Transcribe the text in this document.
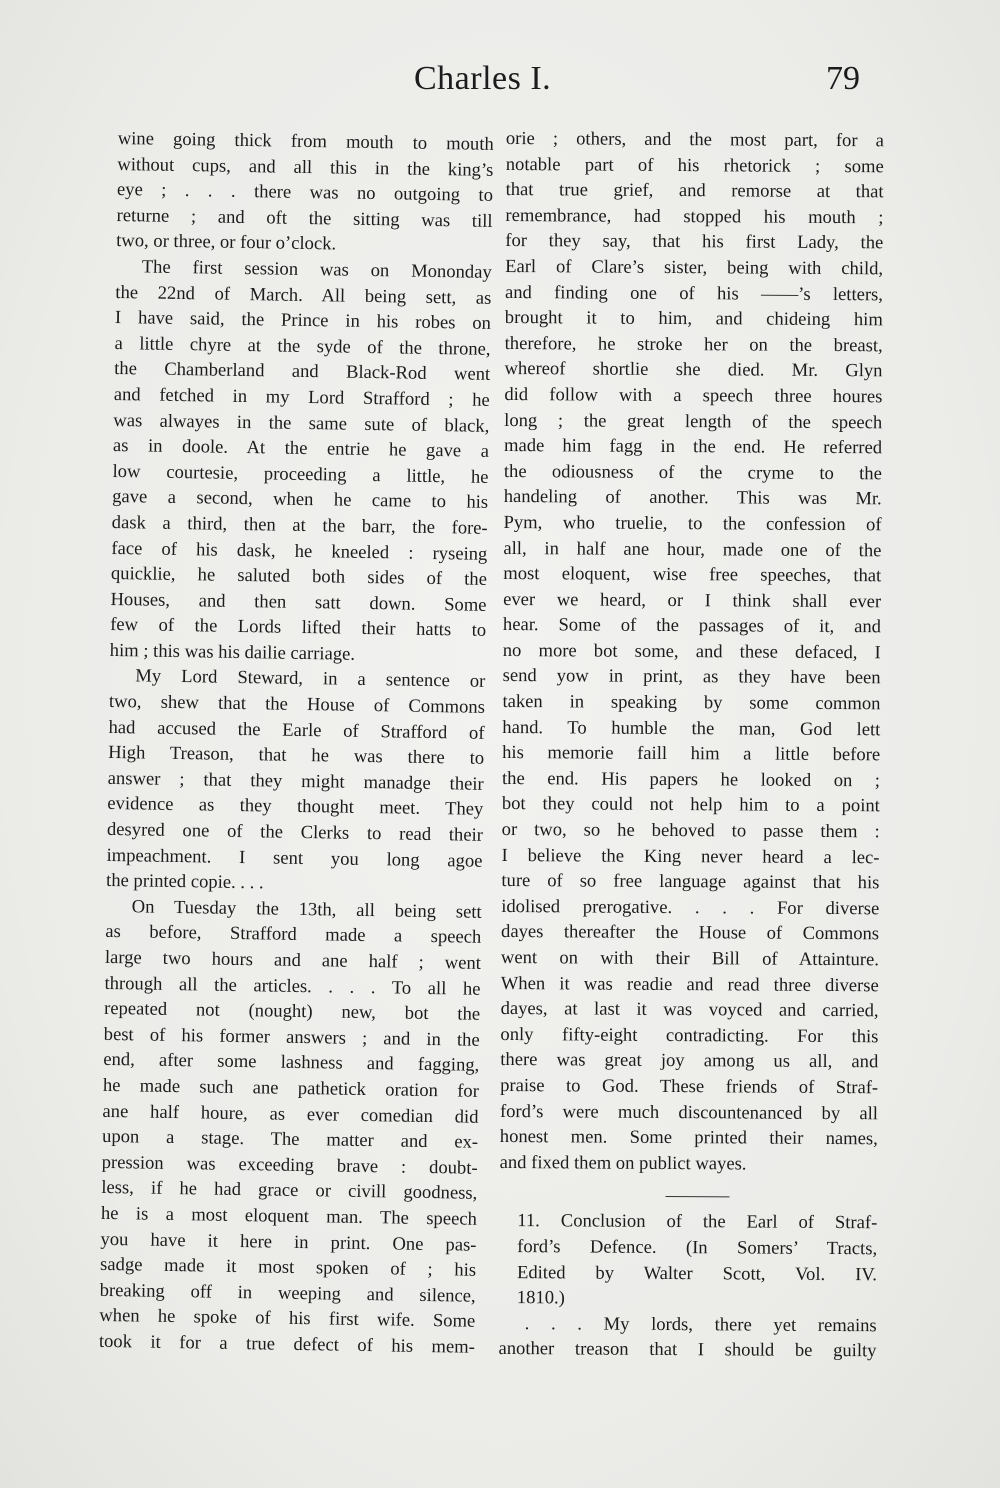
Charles I.	79
wine going thick from mouth to mouth
without cups, and all this in the king’s
eye ; . . . there was no outgoing to
returne ; and oft the sitting was till
two, or three, or four o’clock.
The first session was on Mononday
the 22nd of March. All being sett, as
I have said, the Prince in his robes on
a little chyre at the syde of the throne,
the Chamberland and Black-Rod went
and fetched in my Lord Strafford ; he
was alwayes in the same sute of black,
as in doole. At the entrie he gave a
low courtesie, proceeding a little, he
gave a second, when he came to his
dask a third, then at the barr, the fore-
face of his dask, he kneeled : ryseing
quicklie, he saluted both sides of the
Houses, and then satt down. Some
few of the Lords lifted their hatts to
him ; this was his dailie carriage.
My Lord Steward, in a sentence or
two, shew that the House of Commons
had accused the Earle of Strafford of
High Treason, that he was there to
answer ; that they might manadge their
evidence as they thought meet. They
desyred one of the Clerks to read their
impeachment. I sent you long agoe
the printed copie. . . .
On Tuesday the 13th, all being sett
as before, Strafford made a speech
large two hours and ane half ; went
through all the articles. . . . To all he
repeated not (nought) new, bot the
best of his former answers ; and in the
end, after some lashness and fagging,
he made such ane pathetick oration for
ane half houre, as ever comedian did
upon a stage. The matter and ex-
pression was exceeding brave : doubt-
less, if he had grace or civill goodness,
he is a most eloquent man. The speech
you have it here in print. One pas-
sadge made it most spoken of ; his
breaking off in weeping and silence,
when he spoke of his first wife. Some
took it for a true defect of his mem-
orie ; others, and the most part, for a
notable part of his rhetorick ; some
that true grief, and remorse at that
remembrance, had stopped his mouth ;
for they say, that his first Lady, the
Earl of Clare’s sister, being with child,
and finding one of his ——’s letters,
brought it to him, and chideing him
therefore, he stroke her on the breast,
whereof shortlie she died. Mr. Glyn
did follow with a speech three houres
long ; the great length of the speech
made him fagg in the end. He referred
the odiousness of the cryme to the
handeling of another. This was Mr.
Pym, who truelie, to the confession of
all, in half ane hour, made one of the
most eloquent, wise free speeches, that
ever we heard, or I think shall ever
hear. Some of the passages of it, and
no more bot some, and these defaced, I
send yow in print, as they have been
taken in speaking by some common
hand. To humble the man, God lett
his memorie faill him a little before
the end. His papers he looked on ;
bot they could not help him to a point
or two, so he behoved to passe them :
I believe the King never heard a lec-
ture of so free language against that his
idolised prerogative. . . . For diverse
dayes thereafter the House of Commons
went on with their Bill of Attainture.
When it was readie and read three diverse
dayes, at last it was voyced and carried,
only fifty-eight contradicting. For this
there was great joy among us all, and
praise to God. These friends of Straf-
ford’s were much discountenanced by all
honest men. Some printed their names,
and fixed them on publict wayes.
11. Conclusion of the Earl of Straf-
ford’s Defence. (In Somers’ Tracts,
Edited by Walter Scott, Vol. IV.
1810.)
. . . My lords, there yet remains
another treason that I should be guilty
